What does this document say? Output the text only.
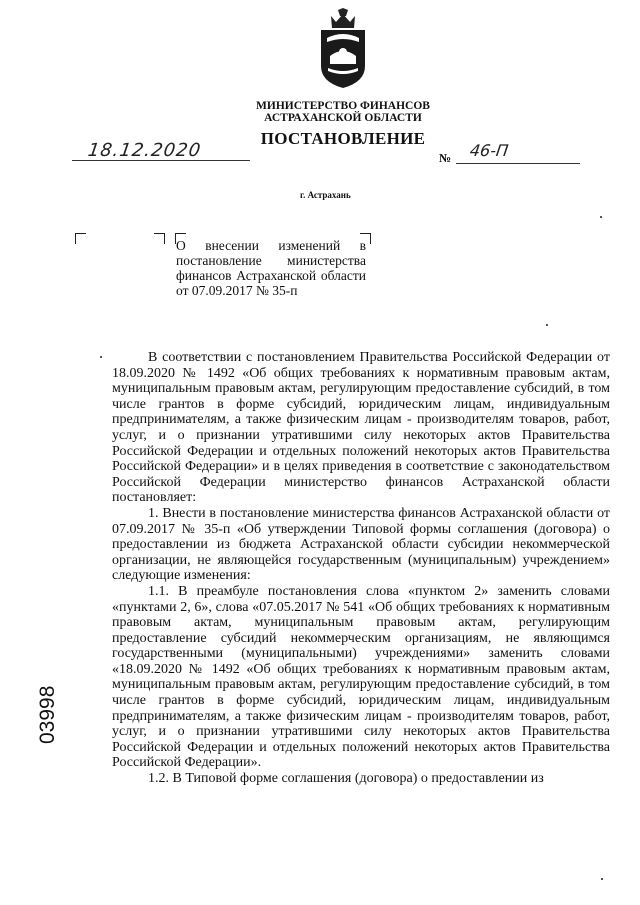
МИНИСТЕРСТВО ФИНАНСОВ
АСТРАХАНСКОЙ ОБЛАСТИ
ПОСТАНОВЛЕНИЕ
18.12.2020	№ 46-П
г. Астрахань
О внесении изменений в постановление министерства финансов Астраханской области от 07.09.2017 № 35-п

В соответствии с постановлением Правительства Российской Федерации от 18.09.2020 № 1492 «Об общих требованиях к нормативным правовым актам, муниципальным правовым актам, регулирующим предоставление субсидий, в том числе грантов в форме субсидий, юридическим лицам, индивидуальным предпринимателям, а также физическим лицам - производителям товаров, работ, услуг, и о признании утратившими силу некоторых актов Правительства Российской Федерации и отдельных положений некоторых актов Правительства Российской Федерации» и в целях приведения в соответствие с законодательством Российской Федерации министерство финансов Астраханской области постановляет:

1. Внести в постановление министерства финансов Астраханской области от 07.09.2017 № 35-п «Об утверждении Типовой формы соглашения (договора) о предоставлении из бюджета Астраханской области субсидии некоммерческой организации, не являющейся государственным (муниципальным) учреждением» следующие изменения:

1.1. В преамбуле постановления слова «пунктом 2» заменить словами «пунктами 2, 6», слова «07.05.2017 № 541 «Об общих требованиях к нормативным правовым актам, муниципальным правовым актам, регулирующим предоставление субсидий некоммерческим организациям, не являющимся государственными (муниципальными) учреждениями» заменить словами «18.09.2020 № 1492 «Об общих требованиях к нормативным правовым актам, муниципальным правовым актам, регулирующим предоставление субсидий, в том числе грантов в форме субсидий, юридическим лицам, индивидуальным предпринимателям, а также физическим лицам - производителям товаров, работ, услуг, и о признании утратившими силу некоторых актов Правительства Российской Федерации и отдельных положений некоторых актов Правительства Российской Федерации».

1.2. В Типовой форме соглашения (договора) о предоставлении из

03998
